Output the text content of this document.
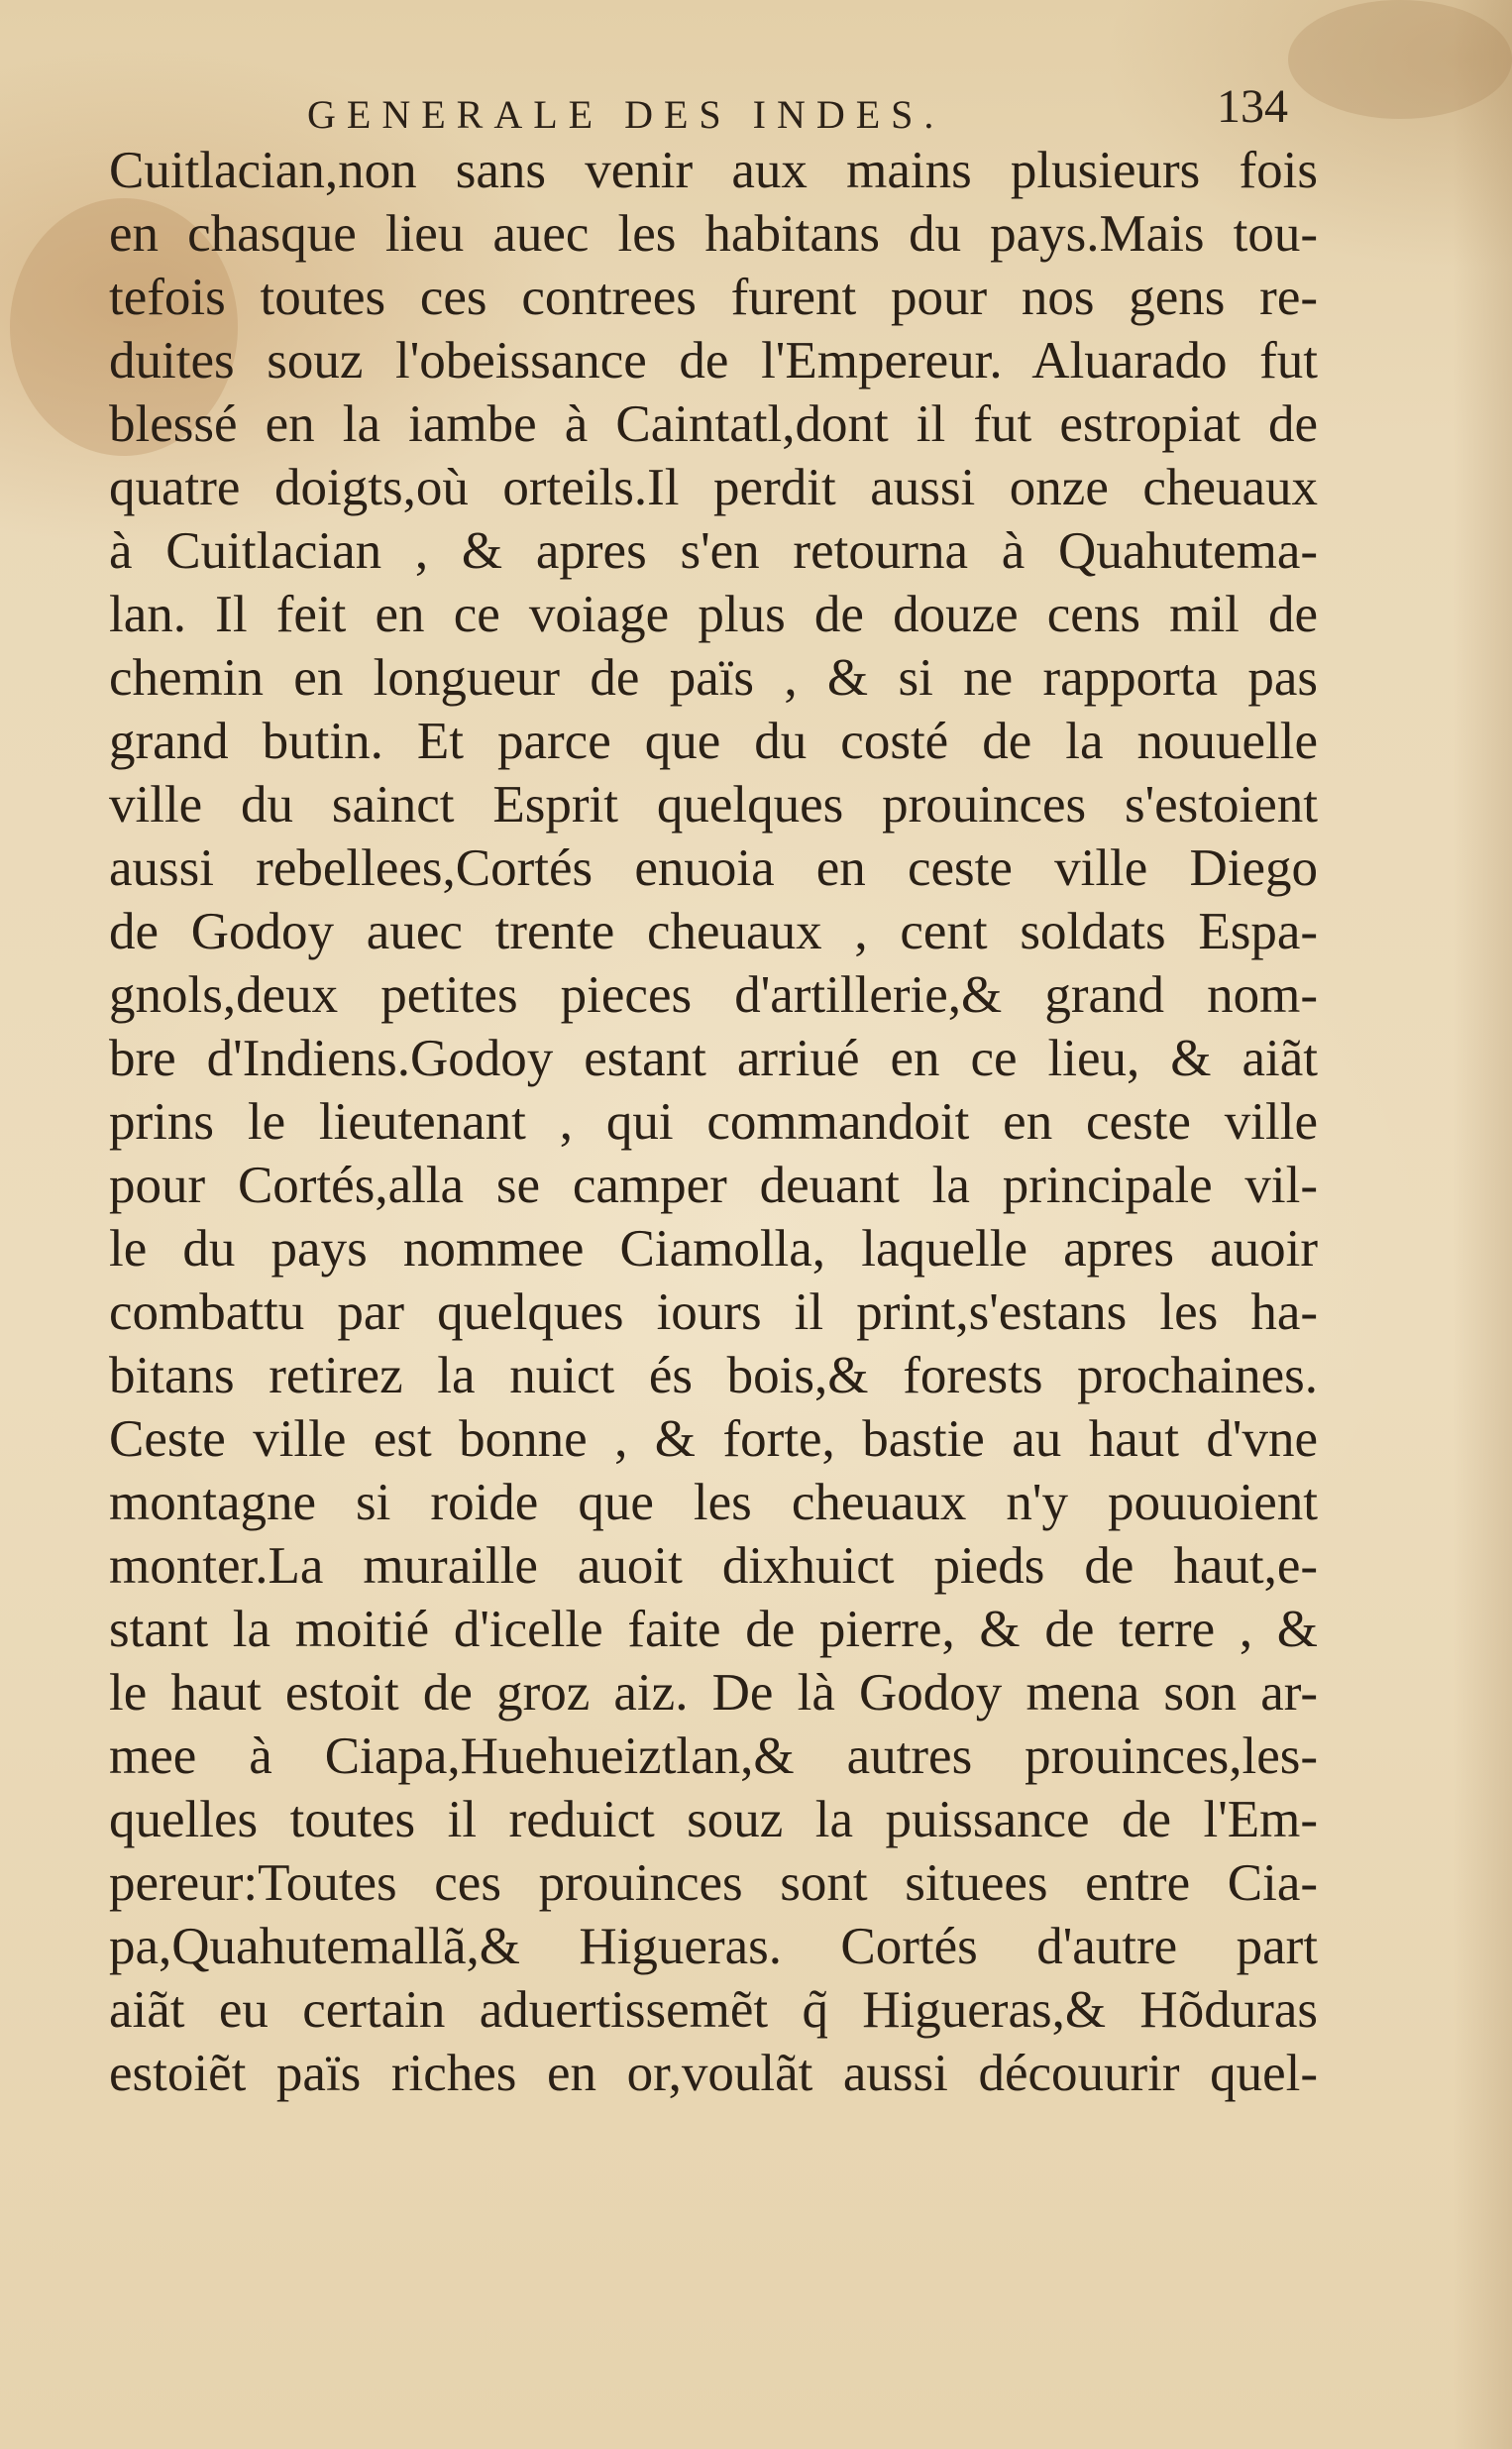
GENERALE DES INDES.	134
Cuitlacian,non sans venir aux mains plusieurs fois
en chasque lieu auec les habitans du pays.Mais tou-
tefois toutes ces contrees furent pour nos gens re-
duites souz l'obeissance de l'Empereur. Aluarado fut
blessé en la iambe à Caintatl,dont il fut estropiat de
quatre doigts,où orteils.Il perdit aussi onze cheuaux
à Cuitlacian , & apres s'en retourna à Quahutema-
lan. Il feit en ce voiage plus de douze cens mil de
chemin en longueur de païs , & si ne rapporta pas
grand butin. Et parce que du costé de la nouuelle
ville du sainct Esprit quelques prouinces s'estoient
aussi rebellees,Cortés enuoia en ceste ville Diego
de Godoy auec trente cheuaux , cent soldats Espa-
gnols,deux petites pieces d'artillerie,& grand nom-
bre d'Indiens.Godoy estant arriué en ce lieu, & aiãt
prins le lieutenant , qui commandoit en ceste ville
pour Cortés,alla se camper deuant la principale vil-
le du pays nommee Ciamolla, laquelle apres auoir
combattu par quelques iours il print,s'estans les ha-
bitans retirez la nuict és bois,& forests prochaines.
Ceste ville est bonne , & forte, bastie au haut d'vne
montagne si roide que les cheuaux n'y pouuoient
monter.La muraille auoit dixhuict pieds de haut,e-
stant la moitié d'icelle faite de pierre, & de terre , &
le haut estoit de groz aiz. De là Godoy mena son ar-
mee à Ciapa,Huehueiztlan,& autres prouinces,les-
quelles toutes il reduict souz la puissance de l'Em-
pereur:Toutes ces prouinces sont situees entre Cia-
pa,Quahutemallã,& Higueras. Cortés d'autre part
aiãt eu certain aduertissemẽt q̃ Higueras,& Hõduras
estoiẽt païs riches en or,voulãt aussi découurir quel-
